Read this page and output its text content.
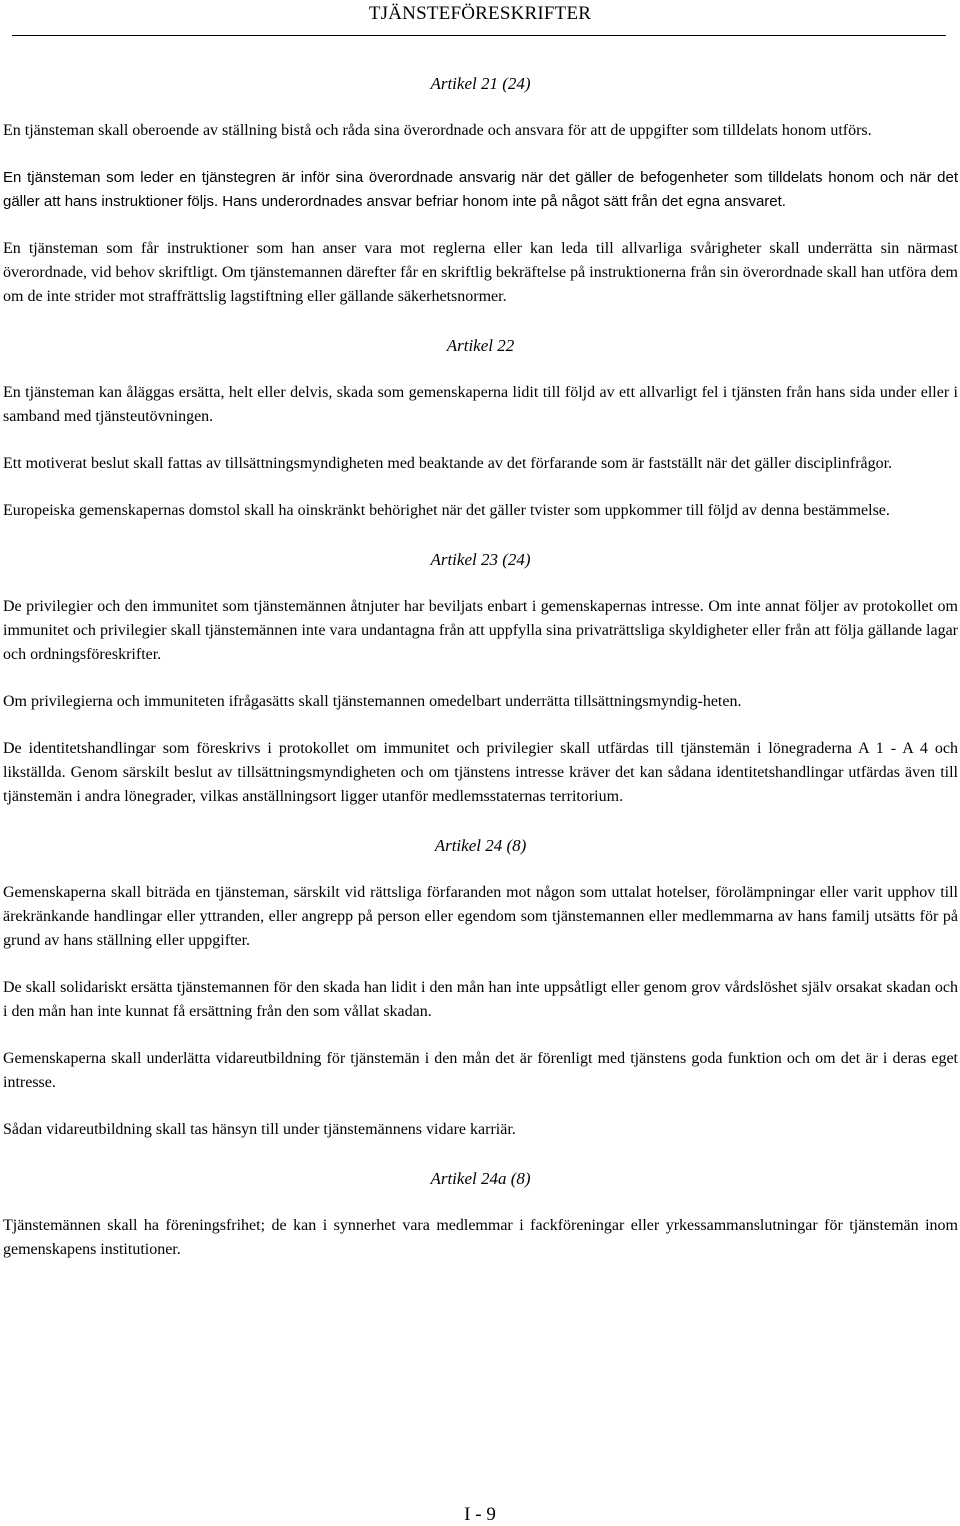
TJÄNSTEFÖRESKRIFTER

Artikel 21 (24)

En tjänsteman skall oberoende av ställning bistå och råda sina överordnade och ansvara för att de uppgifter som tilldelats honom utförs.

En tjänsteman som leder en tjänstegren är inför sina överordnade ansvarig när det gäller de befogenheter som tilldelats honom och när det gäller att hans instruktioner följs. Hans underordnades ansvar befriar honom inte på något sätt från det egna ansvaret.

En tjänsteman som får instruktioner som han anser vara mot reglerna eller kan leda till allvarliga svårigheter skall underrätta sin närmast överordnade, vid behov skriftligt. Om tjänstemannen därefter får en skriftlig bekräftelse på instruktionerna från sin överordnade skall han utföra dem om de inte strider mot straffrättslig lagstiftning eller gällande säkerhetsnormer.

Artikel 22

En tjänsteman kan åläggas ersätta, helt eller delvis, skada som gemenskaperna lidit till följd av ett allvarligt fel i tjänsten från hans sida under eller i samband med tjänsteutövningen.

Ett motiverat beslut skall fattas av tillsättningsmyndigheten med beaktande av det förfarande som är fastställt när det gäller disciplinfrågor.

Europeiska gemenskapernas domstol skall ha oinskränkt behörighet när det gäller tvister som uppkommer till följd av denna bestämmelse.

Artikel 23 (24)

De privilegier och den immunitet som tjänstemännen åtnjuter har beviljats enbart i gemenskapernas intresse. Om inte annat följer av protokollet om immunitet och privilegier skall tjänstemännen inte vara undantagna från att uppfylla sina privaträttsliga skyldigheter eller från att följa gällande lagar och ordningsföreskrifter.

Om privilegierna och immuniteten ifrågasätts skall tjänstemannen omedelbart underrätta tillsättningsmyndig-heten.

De identitetshandlingar som föreskrivs i protokollet om immunitet och privilegier skall utfärdas till tjänstemän i lönegraderna A 1 - A 4 och likställda. Genom särskilt beslut av tillsättningsmyndigheten och om tjänstens intresse kräver det kan sådana identitetshandlingar utfärdas även till tjänstemän i andra lönegrader, vilkas anställningsort ligger utanför medlemsstaternas territorium.

Artikel 24 (8)

Gemenskaperna skall biträda en tjänsteman, särskilt vid rättsliga förfaranden mot någon som uttalat hotelser, förolämpningar eller varit upphov till ärekränkande handlingar eller yttranden, eller angrepp på person eller egendom som tjänstemannen eller medlemmarna av hans familj utsätts för på grund av hans ställning eller uppgifter.

De skall solidariskt ersätta tjänstemannen för den skada han lidit i den mån han inte uppsåtligt eller genom grov vårdslöshet själv orsakat skadan och i den mån han inte kunnat få ersättning från den som vållat skadan.

Gemenskaperna skall underlätta vidareutbildning för tjänstemän i den mån det är förenligt med tjänstens goda funktion och om det är i deras eget intresse.

Sådan vidareutbildning skall tas hänsyn till under tjänstemännens vidare karriär.

Artikel 24a (8)

Tjänstemännen skall ha föreningsfrihet; de kan i synnerhet vara medlemmar i fackföreningar eller yrkessammanslutningar för tjänstemän inom gemenskapens institutioner.

I - 9
